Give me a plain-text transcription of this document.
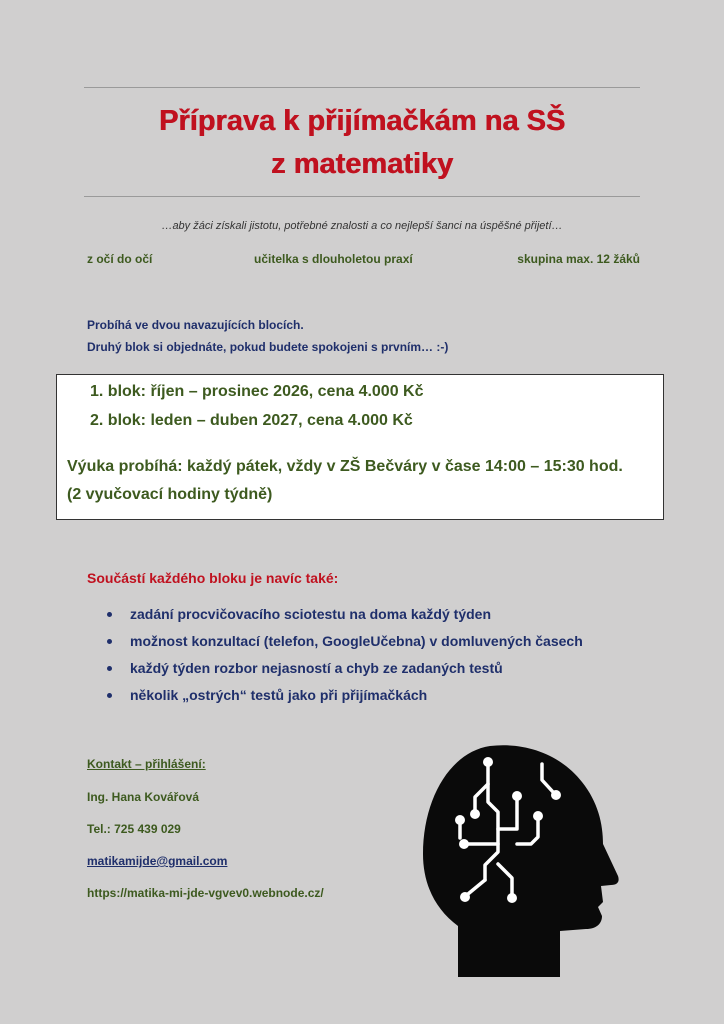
Příprava k přijímačkám na SŠ
z matematiky
…aby žáci získali jistotu, potřebné znalosti a co nejlepší šanci na úspěšné přijetí…
z očí do očí	učitelka s dlouholetou praxí	skupina max. 12 žáků
Probíhá ve dvou navazujících blocích.
Druhý blok si objednáte, pokud budete spokojeni s prvním… :-)
1. blok: říjen – prosinec 2026, cena 4.000 Kč
2. blok: leden – duben 2027, cena 4.000 Kč
Výuka probíhá: každý pátek, vždy v ZŠ Bečváry v čase 14:00 – 15:30 hod.
(2 vyučovací hodiny týdně)
Součástí každého bloku je navíc také:
zadání procvičovacího sciotestu na doma každý týden
možnost konzultací (telefon, GoogleUčebna) v domluvených časech
každý týden rozbor nejasností a chyb ze zadaných testů
několik „ostrých“ testů jako při přijímačkách
Kontakt – přihlášení:
Ing. Hana Kovářová
Tel.: 725 439 029
matikamijde@gmail.com
https://matika-mi-jde-vgvev0.webnode.cz/
